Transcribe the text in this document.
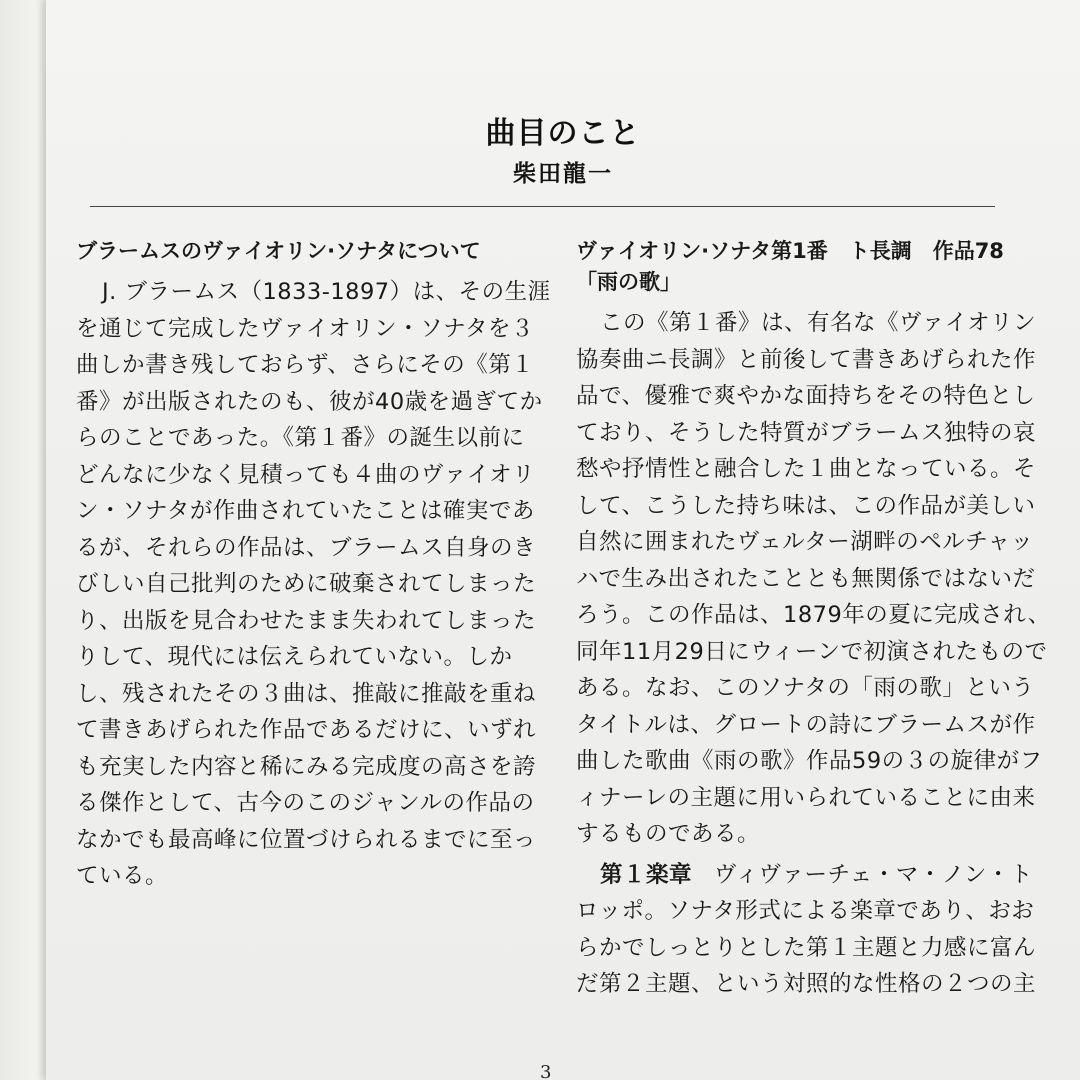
曲目のこと
柴田龍一
ブラームスのヴァイオリン·ソナタについて
J. ブラームス（1833-1897）は、その生涯
を通じて完成したヴァイオリン・ソナタを３
曲しか書き残しておらず、さらにその《第１
番》が出版されたのも、彼が40歳を過ぎてか
らのことであった。《第１番》の誕生以前に
どんなに少なく見積っても４曲のヴァイオリ
ン・ソナタが作曲されていたことは確実であ
るが、それらの作品は、ブラームス自身のき
びしい自己批判のために破棄されてしまった
り、出版を見合わせたまま失われてしまった
りして、現代には伝えられていない。しか
し、残されたその３曲は、推敲に推敲を重ね
て書きあげられた作品であるだけに、いずれ
も充実した内容と稀にみる完成度の高さを誇
る傑作として、古今のこのジャンルの作品の
なかでも最高峰に位置づけられるまでに至っ
ている。
ヴァイオリン·ソナタ第1番　ト長調　作品78
「雨の歌」
この《第１番》は、有名な《ヴァイオリン
協奏曲ニ長調》と前後して書きあげられた作
品で、優雅で爽やかな面持ちをその特色とし
ており、そうした特質がブラームス独特の哀
愁や抒情性と融合した１曲となっている。そ
して、こうした持ち味は、この作品が美しい
自然に囲まれたヴェルター湖畔のペルチャッ
ハで生み出されたこととも無関係ではないだ
ろう。この作品は、1879年の夏に完成され、
同年11月29日にウィーンで初演されたもので
ある。なお、このソナタの「雨の歌」という
タイトルは、グロートの詩にブラームスが作
曲した歌曲《雨の歌》作品59の３の旋律がフ
ィナーレの主題に用いられていることに由来
するものである。
第１楽章 ヴィヴァーチェ・マ・ノン・ト
ロッポ。ソナタ形式による楽章であり、おお
らかでしっとりとした第１主題と力感に富ん
だ第２主題、という対照的な性格の２つの主
3
